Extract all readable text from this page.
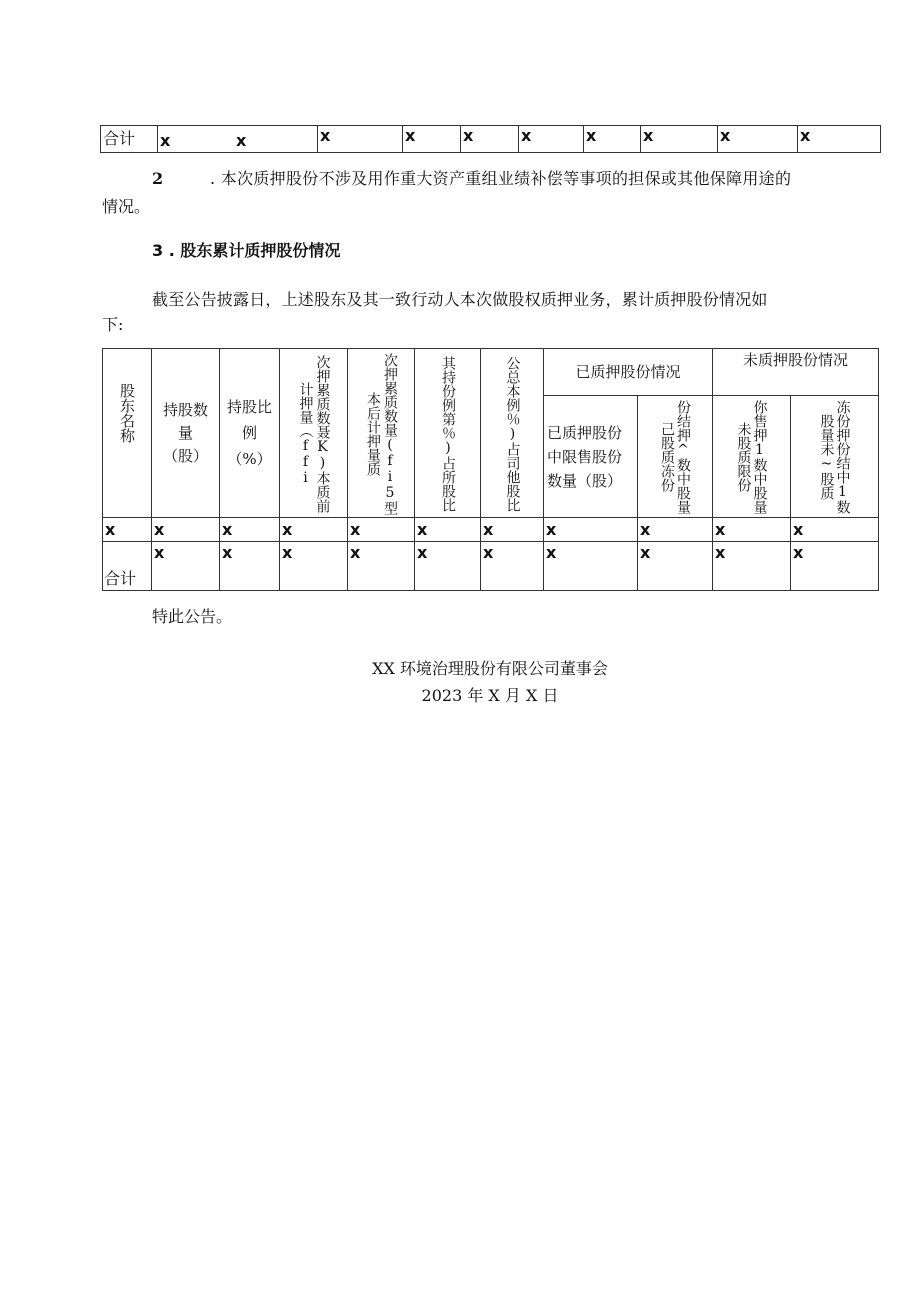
合计	x	x	x	x	x	x	x	x	x	x
2	. 本次质押股份不涉及用作重大资产重组业绩补偿等事项的担保或其他保障用途的
情况。
3 . 股东累计质押股份情况
截至公告披露日，上述股东及其一致行动人本次做股权质押业务，累计质押股份情况如
下:
股东名称	持股数量（股）	持股比例（%）	次押累质数聂K)本质前计押量（ffi	次押累质数量(fi5型本后计押量质	其持份例第％)占所股比	公总本例％)占司他股比	已质押股份情况		未质押股份情况	

							已质押股份中限售股份数量（股）	份结押^数中股量己股质冻份	你售押1数中股量未股质限份	冻份押份结中1数股量未~股质

x	x	x	x	x	x	x	x	x	x	x

合计	x	x	x	x	x	x	x	x	x	x
特此公告。
XX 环境治理股份有限公司董事会
2023 年 X 月 X 日
